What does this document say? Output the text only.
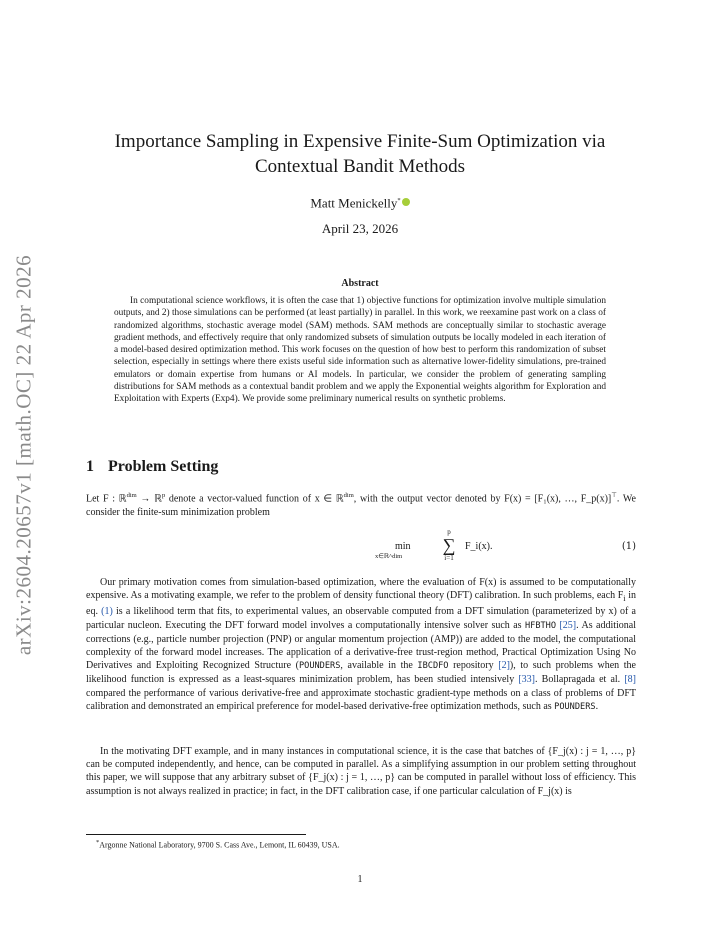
arXiv:2604.20657v1 [math.OC] 22 Apr 2026
Importance Sampling in Expensive Finite-Sum Optimization via
Contextual Bandit Methods
Matt Menickelly*
April 23, 2026
Abstract

In computational science workflows, it is often the case that 1) objective functions for optimization involve multiple simulation outputs, and 2) those simulations can be performed (at least partially) in parallel. In this work, we reexamine past work on a class of randomized algorithms, stochastic average model (SAM) methods. SAM methods are conceptually similar to stochastic average gradient methods, and effectively require that only randomized subsets of simulation outputs be locally modeled in each iteration of a model-based desired optimization method. This work focuses on the question of how best to perform this randomization of subset selection, especially in settings where there exists useful side information such as alternative lower-fidelity simulations, pre-trained emulators or domain expertise from humans or AI models. In particular, we consider the problem of generating sampling distributions for SAM methods as a contextual bandit problem and we apply the Exponential weights algorithm for Exploration and Exploitation with Experts (Exp4). We provide some preliminary numerical results on synthetic problems.

1 Problem Setting

Let F : ℝ$^{dim}$ → ℝ$^p$ denote a vector-valued function of x ∈ ℝ$^{dim}$, with the output vector denoted by F(x) = [F₁(x), …, F_p(x)]⊤. We consider the finite-sum minimization problem

min
x∈ℝ^dim
p
∑
i=1
F_i(x).	(1)

Our primary motivation comes from simulation-based optimization, where the evaluation of F(x) is assumed to be computationally expensive. As a motivating example, we refer to the problem of density functional theory (DFT) calibration. In such problems, each $F_i$ in eq. (1) is a likelihood term that fits, to experimental values, an observable computed from a DFT simulation (parameterized by x) of a particular nucleon. Executing the DFT forward model involves a computationally intensive solver such as HFBTHO [25]. As additional corrections (e.g., particle number projection (PNP) or angular momentum projection (AMP)) are added to the model, the computational complexity of the forward model increases. The application of a derivative-free trust-region method, Practical Optimization Using No Derivatives and Exploiting Recognized Structure (POUNDERS, available in the IBCDFO repository [2]), to such problems when the likelihood function is expressed as a least-squares minimization problem, has been studied intensively [33]. Bollapragada et al. [8] compared the performance of various derivative-free and approximate stochastic gradient-type methods on a class of problems of DFT calibration and demonstrated an empirical preference for model-based derivative-free optimization methods, such as POUNDERS.

In the motivating DFT example, and in many instances in computational science, it is the case that batches of {F_j(x) : j = 1, …, p} can be computed independently, and hence, can be computed in parallel. As a simplifying assumption in our problem setting throughout this paper, we will suppose that any arbitrary subset of {F_j(x) : j = 1, …, p} can be computed in parallel without loss of efficiency. This assumption is not always realized in practice; in fact, in the DFT calibration case, if one particular calculation of F_j(x) is

*Argonne National Laboratory, 9700 S. Cass Ave., Lemont, IL 60439, USA.
1
